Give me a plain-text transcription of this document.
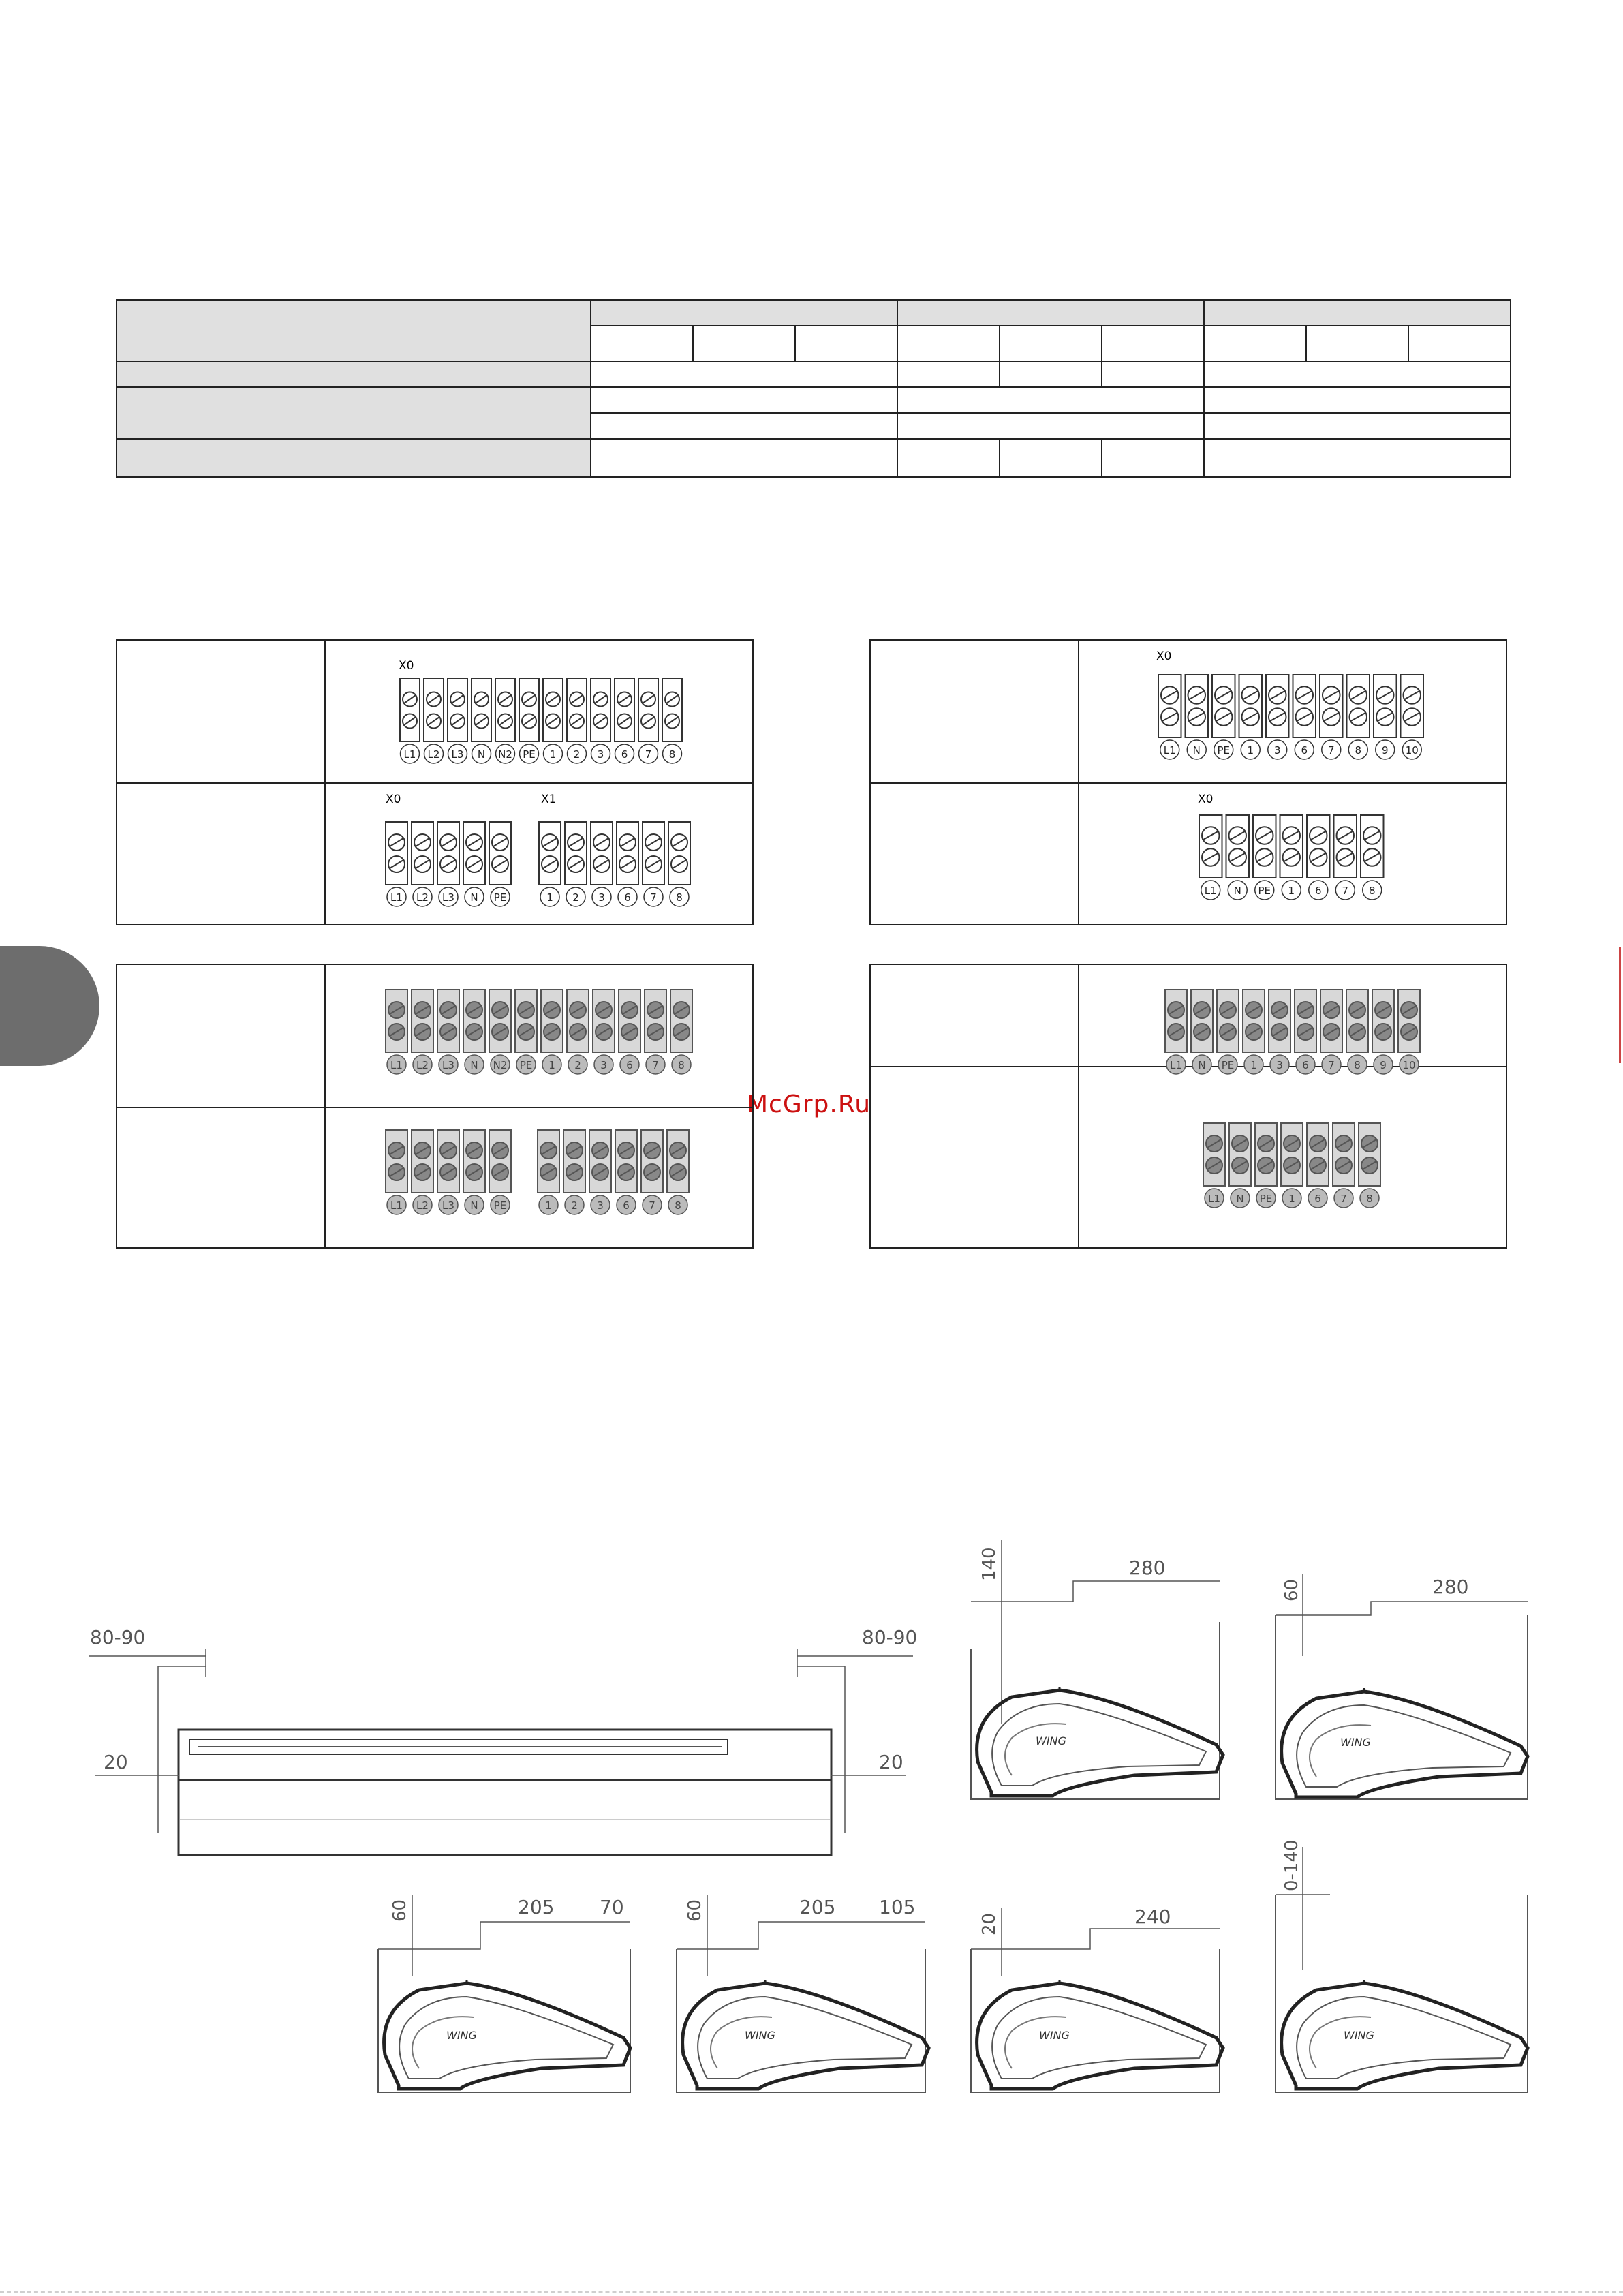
McGrp.Ru

L1 L2 L3 N N2 PE 1 2 3 6 7 8
L1 L2 L3 N PE	1 2 3 6 7 8
L1 N PE 1 3 6 7 8 9 10
L1 N PE 1 6 7 8
X0
X0	X1
X0
X0
80-90	80-90
20	20
140	280
WING
60	280
WING
60	205 70
WING
60	205 105
WING
20	240
WING
0-140
WING
L1 L2 L3 N N2 PE 1 2 3 6 7 8
L1 L2 L3 N PE	1 2 3 6 7 8
L1 N PE 1 3 6 7 8 9 10
L1 N PE 1 6 7 8
